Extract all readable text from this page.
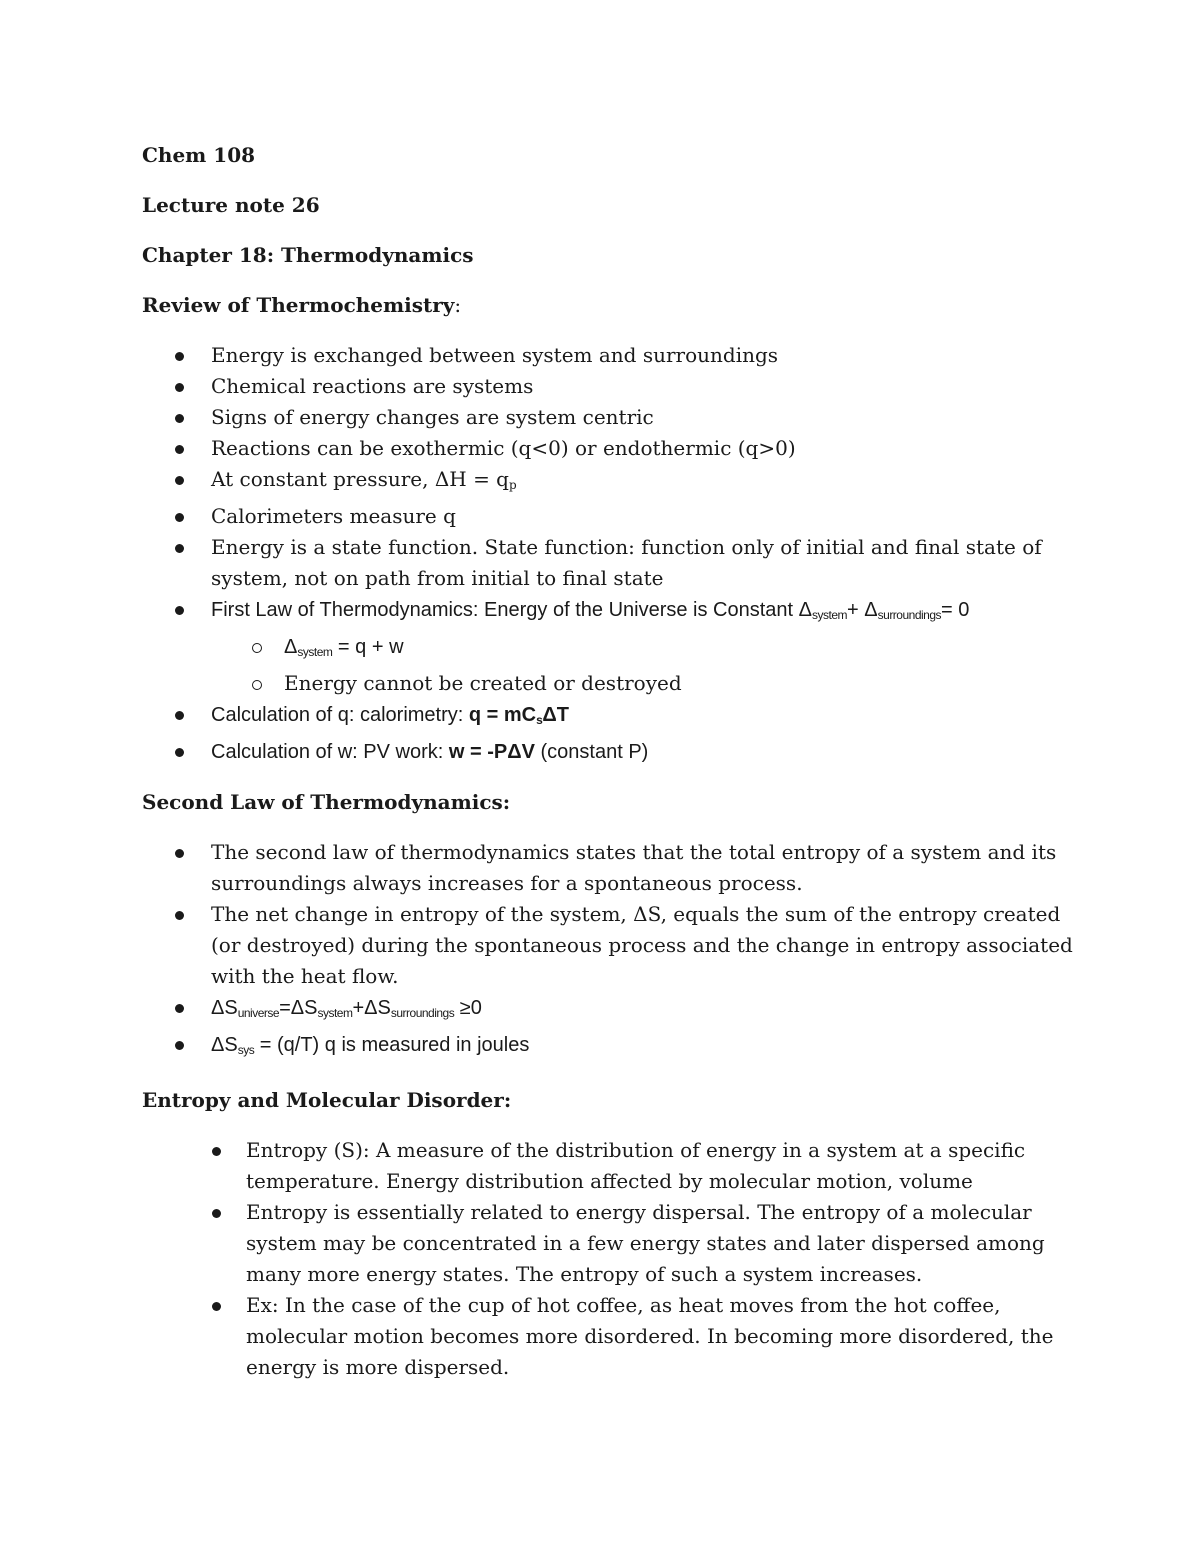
Chem 108

Lecture note 26

Chapter 18: Thermodynamics

Review of Thermochemistry:

Energy is exchanged between system and surroundings
Chemical reactions are systems
Signs of energy changes are system centric
Reactions can be exothermic (q<0) or endothermic (q>0)
At constant pressure, ΔH = qp
Calorimeters measure q
Energy is a state function. State function: function only of initial and final state of system, not on path from initial to final state
First Law of Thermodynamics: Energy of the Universe is Constant Δsystem+ Δsurroundings= 0
Δsystem = q + w
Energy cannot be created or destroyed
Calculation of q: calorimetry: q = mCsΔT
Calculation of w: PV work: w = -PΔV (constant P)

Second Law of Thermodynamics:

The second law of thermodynamics states that the total entropy of a system and its surroundings always increases for a spontaneous process.
The net change in entropy of the system, ΔS, equals the sum of the entropy created (or destroyed) during the spontaneous process and the change in entropy associated with the heat flow.
ΔSuniverse=ΔSsystem+ΔSsurroundings ≥0
ΔSsys = (q/T) q is measured in joules

Entropy and Molecular Disorder:

Entropy (S): A measure of the distribution of energy in a system at a specific temperature. Energy distribution affected by molecular motion, volume
Entropy is essentially related to energy dispersal. The entropy of a molecular system may be concentrated in a few energy states and later dispersed among many more energy states. The entropy of such a system increases.
Ex: In the case of the cup of hot coffee, as heat moves from the hot coffee, molecular motion becomes more disordered. In becoming more disordered, the energy is more dispersed.
